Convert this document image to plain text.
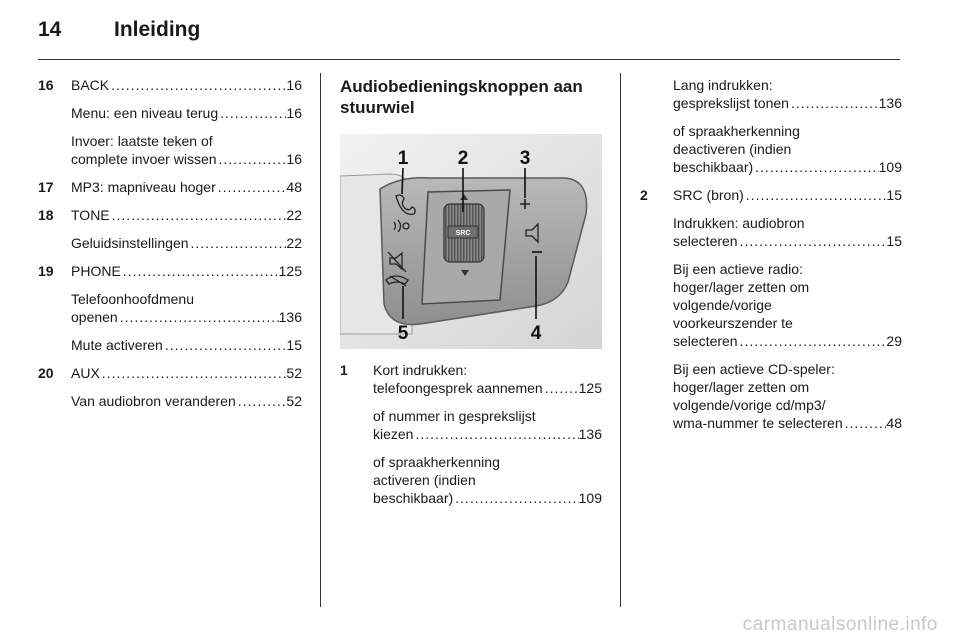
14	Inleiding
16 BACK .....	16
Menu: een niveau terug .....	16
Invoer: laatste teken of
complete invoer wissen .....	16
17 MP3: mapniveau hoger .....	48
18 TONE .....	22
Geluidsinstellingen .....	22
19 PHONE .....	125
Telefoonhoofdmenu
openen .....	136
Mute activeren .....	15
20 AUX .....	52
Van audiobron veranderen .....	52
Audiobedieningsknoppen aan stuurwiel
SRC
1	2	3
4
5
1 Kort indrukken:
telefoongesprek aannemen .....	125
of nummer in gesprekslijst
kiezen .....	136
of spraakherkenning
activeren (indien
beschikbaar) .....	109
Lang indrukken:
gesprekslijst tonen .....	136
of spraakherkenning
deactiveren (indien
beschikbaar) .....	109
2 SRC (bron) .....	15
Indrukken: audiobron
selecteren .....	15
Bij een actieve radio:
hoger/lager zetten om
volgende/vorige
voorkeurszender te
selecteren .....	29
Bij een actieve CD-speler:
hoger/lager zetten om
volgende/vorige cd/mp3/
wma-nummer te selecteren .....	48
carmanualsonline.info
